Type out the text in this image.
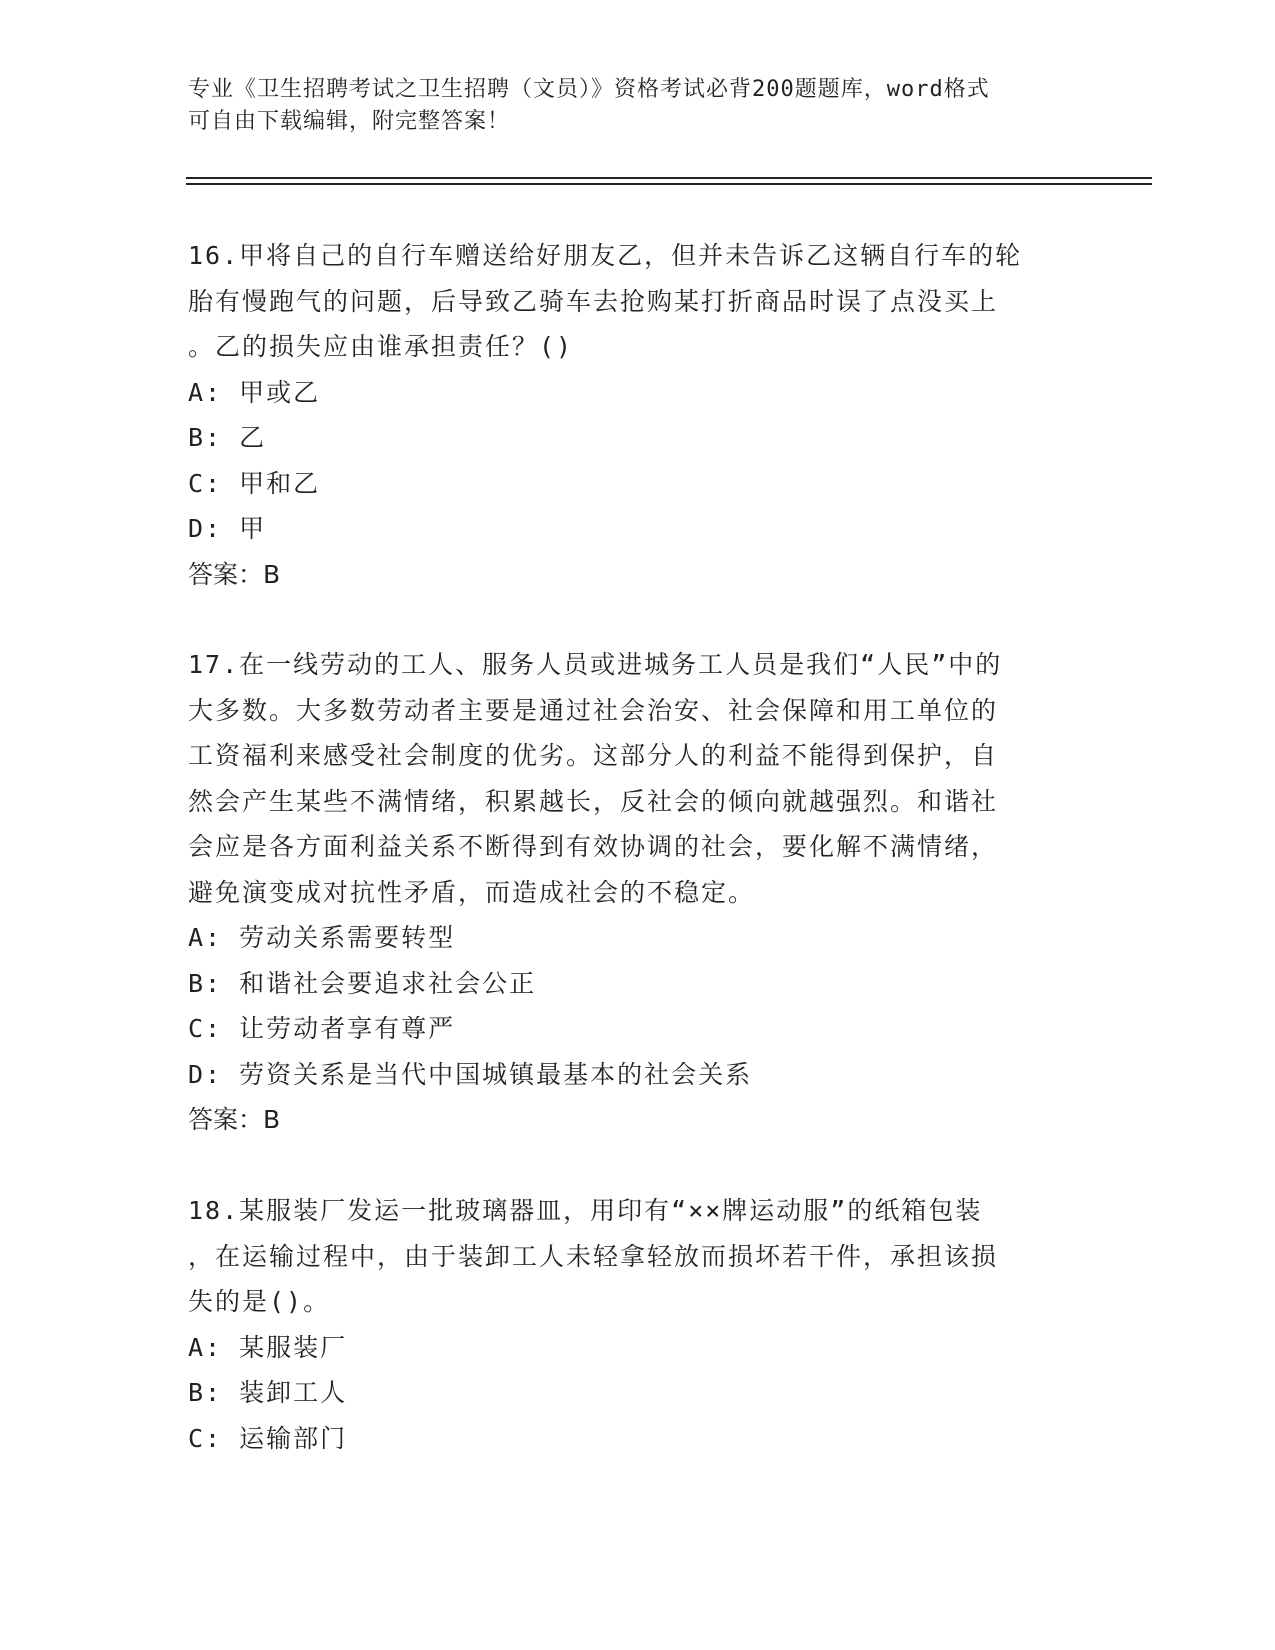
专业《卫生招聘考试之卫生招聘（文员）》资格考试必背200题题库，word格式
可自由下载编辑，附完整答案！
16.甲将自己的自行车赠送给好朋友乙，但并未告诉乙这辆自行车的轮
胎有慢跑气的问题，后导致乙骑车去抢购某打折商品时误了点没买上
。乙的损失应由谁承担责任？()
A: 甲或乙
B: 乙
C: 甲和乙
D: 甲
答案：B
17.在一线劳动的工人、服务人员或进城务工人员是我们“人民”中的
大多数。大多数劳动者主要是通过社会治安、社会保障和用工单位的
工资福利来感受社会制度的优劣。这部分人的利益不能得到保护，自
然会产生某些不满情绪，积累越长，反社会的倾向就越强烈。和谐社
会应是各方面利益关系不断得到有效协调的社会，要化解不满情绪，
避免演变成对抗性矛盾，而造成社会的不稳定。
A: 劳动关系需要转型
B: 和谐社会要追求社会公正
C: 让劳动者享有尊严
D: 劳资关系是当代中国城镇最基本的社会关系
答案：B
18.某服装厂发运一批玻璃器皿，用印有“××牌运动服”的纸箱包装
，在运输过程中，由于装卸工人未轻拿轻放而损坏若干件，承担该损
失的是()。
A: 某服装厂
B: 装卸工人
C: 运输部门
